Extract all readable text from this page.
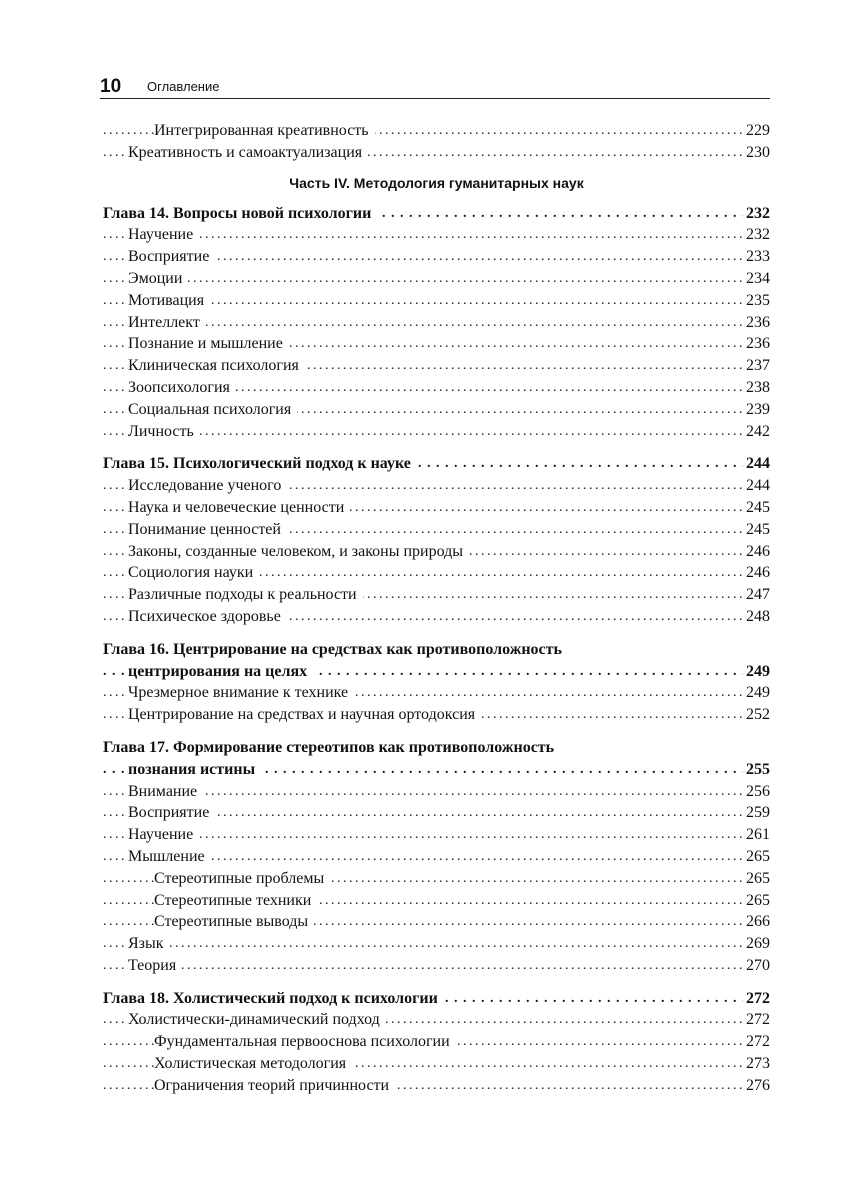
10 Оглавление
Интегрированная креативность	229
. . .
Креативность и самоактуализация	230
. . .
Часть IV. Методология гуманитарных наук
Глава 14. Вопросы новой психологии	232
. . .
Научение	232
. . .
Восприятие	233
. . .
Эмоции	234
. . .
Мотивация	235
. . .
Интеллект	236
. . .
Познание и мышление	236
. . .
Клиническая психология	237
. . .
Зоопсихология	238
. . .
Социальная психология	239
. . .
Личность	242
. . .
Глава 15. Психологический подход к науке	244
. . .
Исследование ученого	244
. . .
Наука и человеческие ценности	245
. . .
Понимание ценностей	245
. . .
Законы, созданные человеком, и законы природы	246
. . .
Социология науки	246
. . .
Различные подходы к реальности	247
. . .
Психическое здоровье	248
. . .
Глава 16. Центрирование на средствах как противоположность
центрирования на целях	249
. . .
Чрезмерное внимание к технике	249
. . .
Центрирование на средствах и научная ортодоксия	252
. . .
Глава 17. Формирование стереотипов как противоположность
познания истины	255
. . .
Внимание	256
. . .
Восприятие	259
. . .
Научение	261
. . .
Мышление	265
. . .
Стереотипные проблемы	265
. . .
Стереотипные техники	265
. . .
Стереотипные выводы	266
. . .
Язык	269
. . .
Теория	270
. . .
Глава 18. Холистический подход к психологии	272
. . .
Холистически-динамический подход	272
. . .
Фундаментальная первооснова психологии	272
. . .
Холистическая методология	273
. . .
Ограничения теорий причинности	276
. . .
